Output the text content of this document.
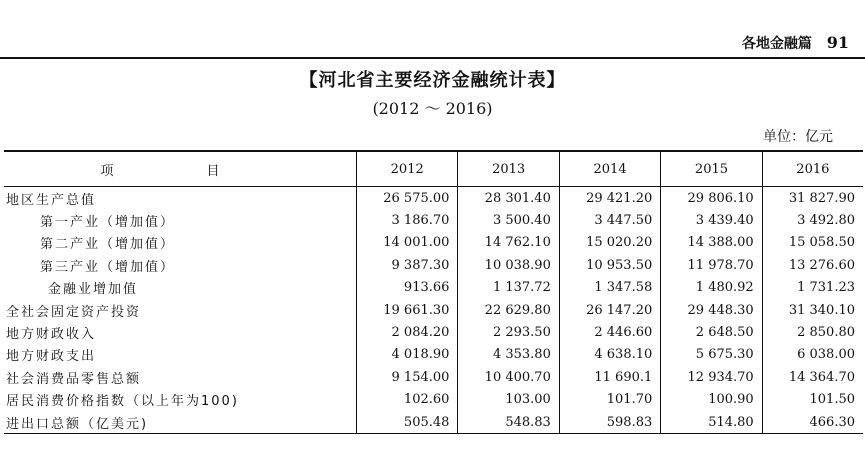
各地金融篇 91
【河北省主要经济金融统计表】
(2012 ～ 2016)
单位：亿元
项　目	2012	2013	2014	2015	2016
地区生产总值	26 575.00	28 301.40	29 421.20	29 806.10	31 827.90
第一产业（增加值）	3 186.70	3 500.40	3 447.50	3 439.40	3 492.80
第二产业（增加值）	14 001.00	14 762.10	15 020.20	14 388.00	15 058.50
第三产业（增加值）	9 387.30	10 038.90	10 953.50	11 978.70	13 276.60
金融业增加值	913.66	1 137.72	1 347.58	1 480.92	1 731.23
全社会固定资产投资	19 661.30	22 629.80	26 147.20	29 448.30	31 340.10
地方财政收入	2 084.20	2 293.50	2 446.60	2 648.50	2 850.80
地方财政支出	4 018.90	4 353.80	4 638.10	5 675.30	6 038.00
社会消费品零售总额	9 154.00	10 400.70	11 690.1	12 934.70	14 364.70
居民消费价格指数（以上年为100)	102.60	103.00	101.70	100.90	101.50
进出口总额（亿美元)	505.48	548.83	598.83	514.80	466.30
